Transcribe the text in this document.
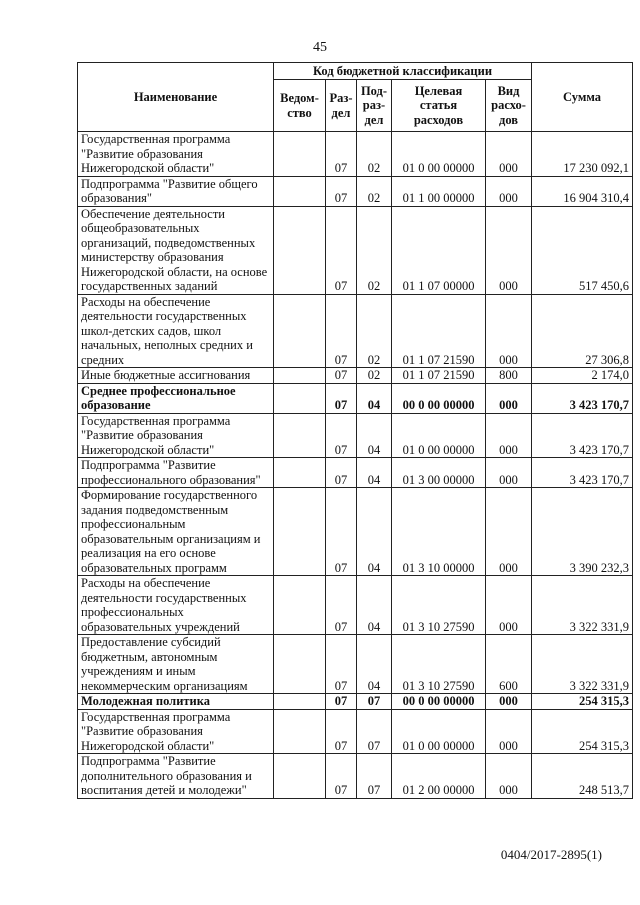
45
Наименование	Код бюджетной классификации					Сумма
	Ведом-ство	Раз-дел	Под-раз-дел	Целевая статья расходов	Вид расхо-дов	
Государственная программа "Развитие образования Нижегородской области"		07	02	01 0 00 00000	000	17 230 092,1
Подпрограмма "Развитие общего образования"		07	02	01 1 00 00000	000	16 904 310,4
Обеспечение деятельности общеобразовательных организаций, подведомственных министерству образования Нижегородской области, на основе государственных заданий		07	02	01 1 07 00000	000	517 450,6
Расходы на обеспечение деятельности государственных школ-детских садов, школ начальных, неполных средних и средних		07	02	01 1 07 21590	000	27 306,8
Иные бюджетные ассигнования		07	02	01 1 07 21590	800	2 174,0
Среднее профессиональное образование		07	04	00 0 00 00000	000	3 423 170,7
Государственная программа "Развитие образования Нижегородской области"		07	04	01 0 00 00000	000	3 423 170,7
Подпрограмма "Развитие профессионального образования"		07	04	01 3 00 00000	000	3 423 170,7
Формирование государственного задания подведомственным профессиональным образовательным организациям и реализация на его основе образовательных программ		07	04	01 3 10 00000	000	3 390 232,3
Расходы на обеспечение деятельности государственных профессиональных образовательных учреждений		07	04	01 3 10 27590	000	3 322 331,9
Предоставление субсидий бюджетным, автономным учреждениям и иным некоммерческим организациям		07	04	01 3 10 27590	600	3 322 331,9
Молодежная политика		07	07	00 0 00 00000	000	254 315,3
Государственная программа "Развитие образования Нижегородской области"		07	07	01 0 00 00000	000	254 315,3
Подпрограмма "Развитие дополнительного образования и воспитания детей и молодежи"		07	07	01 2 00 00000	000	248 513,7
0404/2017-2895(1)
